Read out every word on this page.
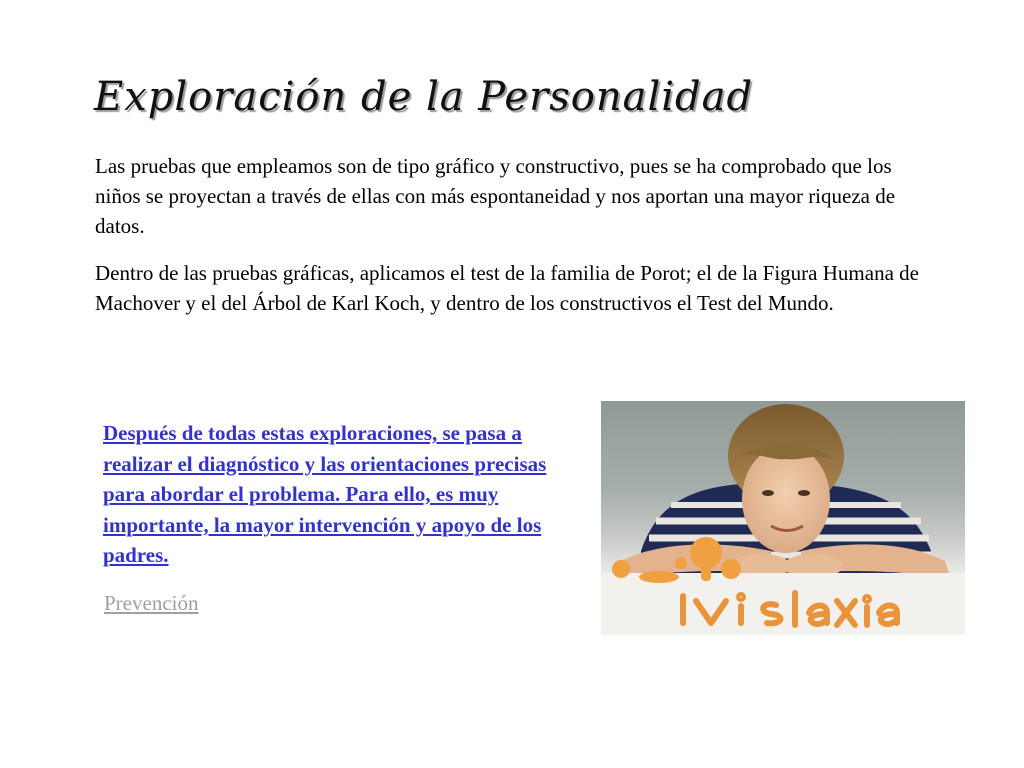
Exploración de la Personalidad

Las pruebas que empleamos son de tipo gráfico y constructivo, pues se ha comprobado que los niños se proyectan a través de ellas con más espontaneidad y nos aportan una mayor riqueza de datos.

Dentro de las pruebas gráficas, aplicamos el test de la familia de Porot; el de la Figura Humana de Machover y el del Árbol de Karl Koch, y dentro de los constructivos el Test del Mundo.

Después de todas estas exploraciones, se pasa a realizar el diagnóstico y las orientaciones precisas para abordar el problema. Para ello, es muy importante, la mayor intervención y apoyo de los padres.
Prevención
